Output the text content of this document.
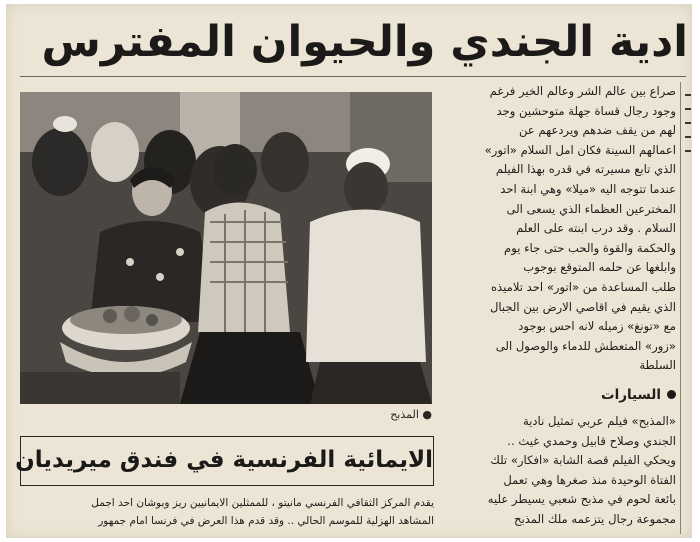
ادية الجندي والحيوان المفترس
● المذبح
الايمائية الفرنسية في فندق ميريديان
يقدم المركز الثقافي الفرنسي مانيتو ، للممثلين الايمانيين ريز وبوشان احد اجمل
المشاهد الهزلية للموسم الحالي .. وقد قدم هذا العرض في فرنسا امام جمهور
صراع بين عالم الشر وعالم الخير فرغم
وجود رجال قساة جهلة متوحشين وجد
لهم من يقف ضدهم ويردعهم عن
اعمالهم السينة فكان امل السلام «اتور»
الذي تابع مسيرته في قدره بهذا الفيلم
عندما تتوجه اليه «ميلا» وهي ابنة احد
المخترعين العظماء الذي يسعى الى
السلام . وقد درب ابنته على العلم
والحكمة والقوة والحب حتى جاء يوم
وابلغها عن حلمه المتوقع بوجوب
طلب المساعدة من «اتور» احد تلاميذه
الذي يقيم في اقاصي الارض بين الجبال
مع «تونغ» زميله لانه احس بوجود
«زور» المتعطش للدماء والوصول الى
السلطة
السيارات
«المذبح» فيلم عربي تمثيل نادية
الجندي وصلاح قابيل وحمدي غيث ..
ويحكي الفيلم قصة الشابة «افكار» تلك
الفتاة الوحيدة منذ صغرها وهي تعمل
بائعة لحوم في مذبح شعبي يسيطر عليه
مجموعة رجال يتزعمه ملك المذبح
